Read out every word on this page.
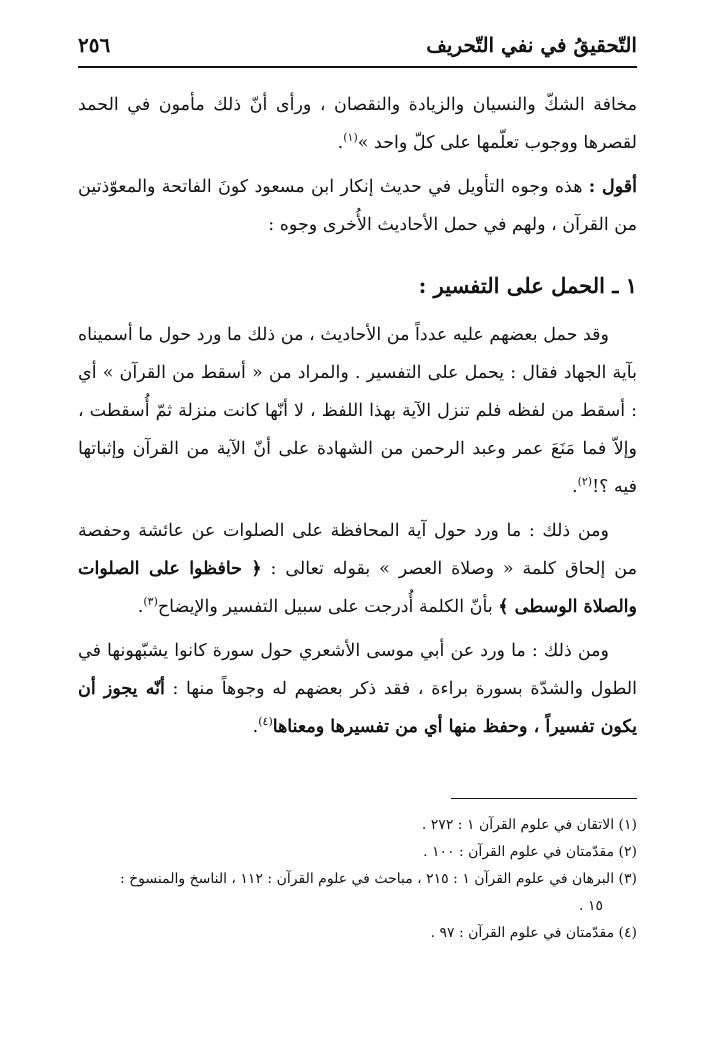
التّحقيقُ في نفي التّحريف
٢٥٦

مخافة الشكّ والنسيان والزيادة والنقصان ، ورأى أنّ ذلك مأمون في الحمد لقصرها ووجوب تعلّمها على كلّ واحد »$^{(١)}$.

أقول : هذه وجوه التأويل في حديث إنكار ابن مسعود كونَ الفاتحة والمعوّذتين من القرآن ، ولهم في حمل الأحاديث الأُخرى وجوه :

١ ـ الحمل على التفسير :

وقد حمل بعضهم عليه عدداً من الأحاديث ، من ذلك ما ورد حول ما أسميناه بآية الجهاد فقال : يحمل على التفسير . والمراد من « أسقط من القرآن » أي : أسقط من لفظه فلم تنزل الآية بهذا اللفظ ، لا أنّها كانت منزلة ثمّ أُسقطت ، وإلاّ فما مَنَعَ عمر وعبد الرحمن من الشهادة على أنّ الآية من القرآن وإثباتها فيه ؟!$^{(٢)}$.

ومن ذلك : ما ورد حول آية المحافظة على الصلوات عن عائشة وحفصة من إلحاق كلمة « وصلاة العصر » بقوله تعالى : ﴿ حافظوا على الصلوات والصلاة الوسطى ﴾ بأنّ الكلمة أُدرجت على سبيل التفسير والإيضاح$^{(٣)}$.

ومن ذلك : ما ورد عن أبي موسى الأشعري حول سورة كانوا يشبّهونها في الطول والشدّة بسورة براءة ، فقد ذكر بعضهم له وجوهاً منها : أنّه يجوز أن يكون تفسيراً ، وحفظ منها أي من تفسيرها ومعناها$^{(٤)}$.

(١) الاتقان في علوم القرآن ١ : ٢٧٢ .

(٢) مقدّمتان في علوم القرآن : ١٠٠ .

(٣) البرهان في علوم القرآن ١ : ٢١٥ ، مباحث في علوم القرآن : ١١٢ ، الناسخ والمنسوخ :

١٥ .

(٤) مقدّمتان في علوم القرآن : ٩٧ .
